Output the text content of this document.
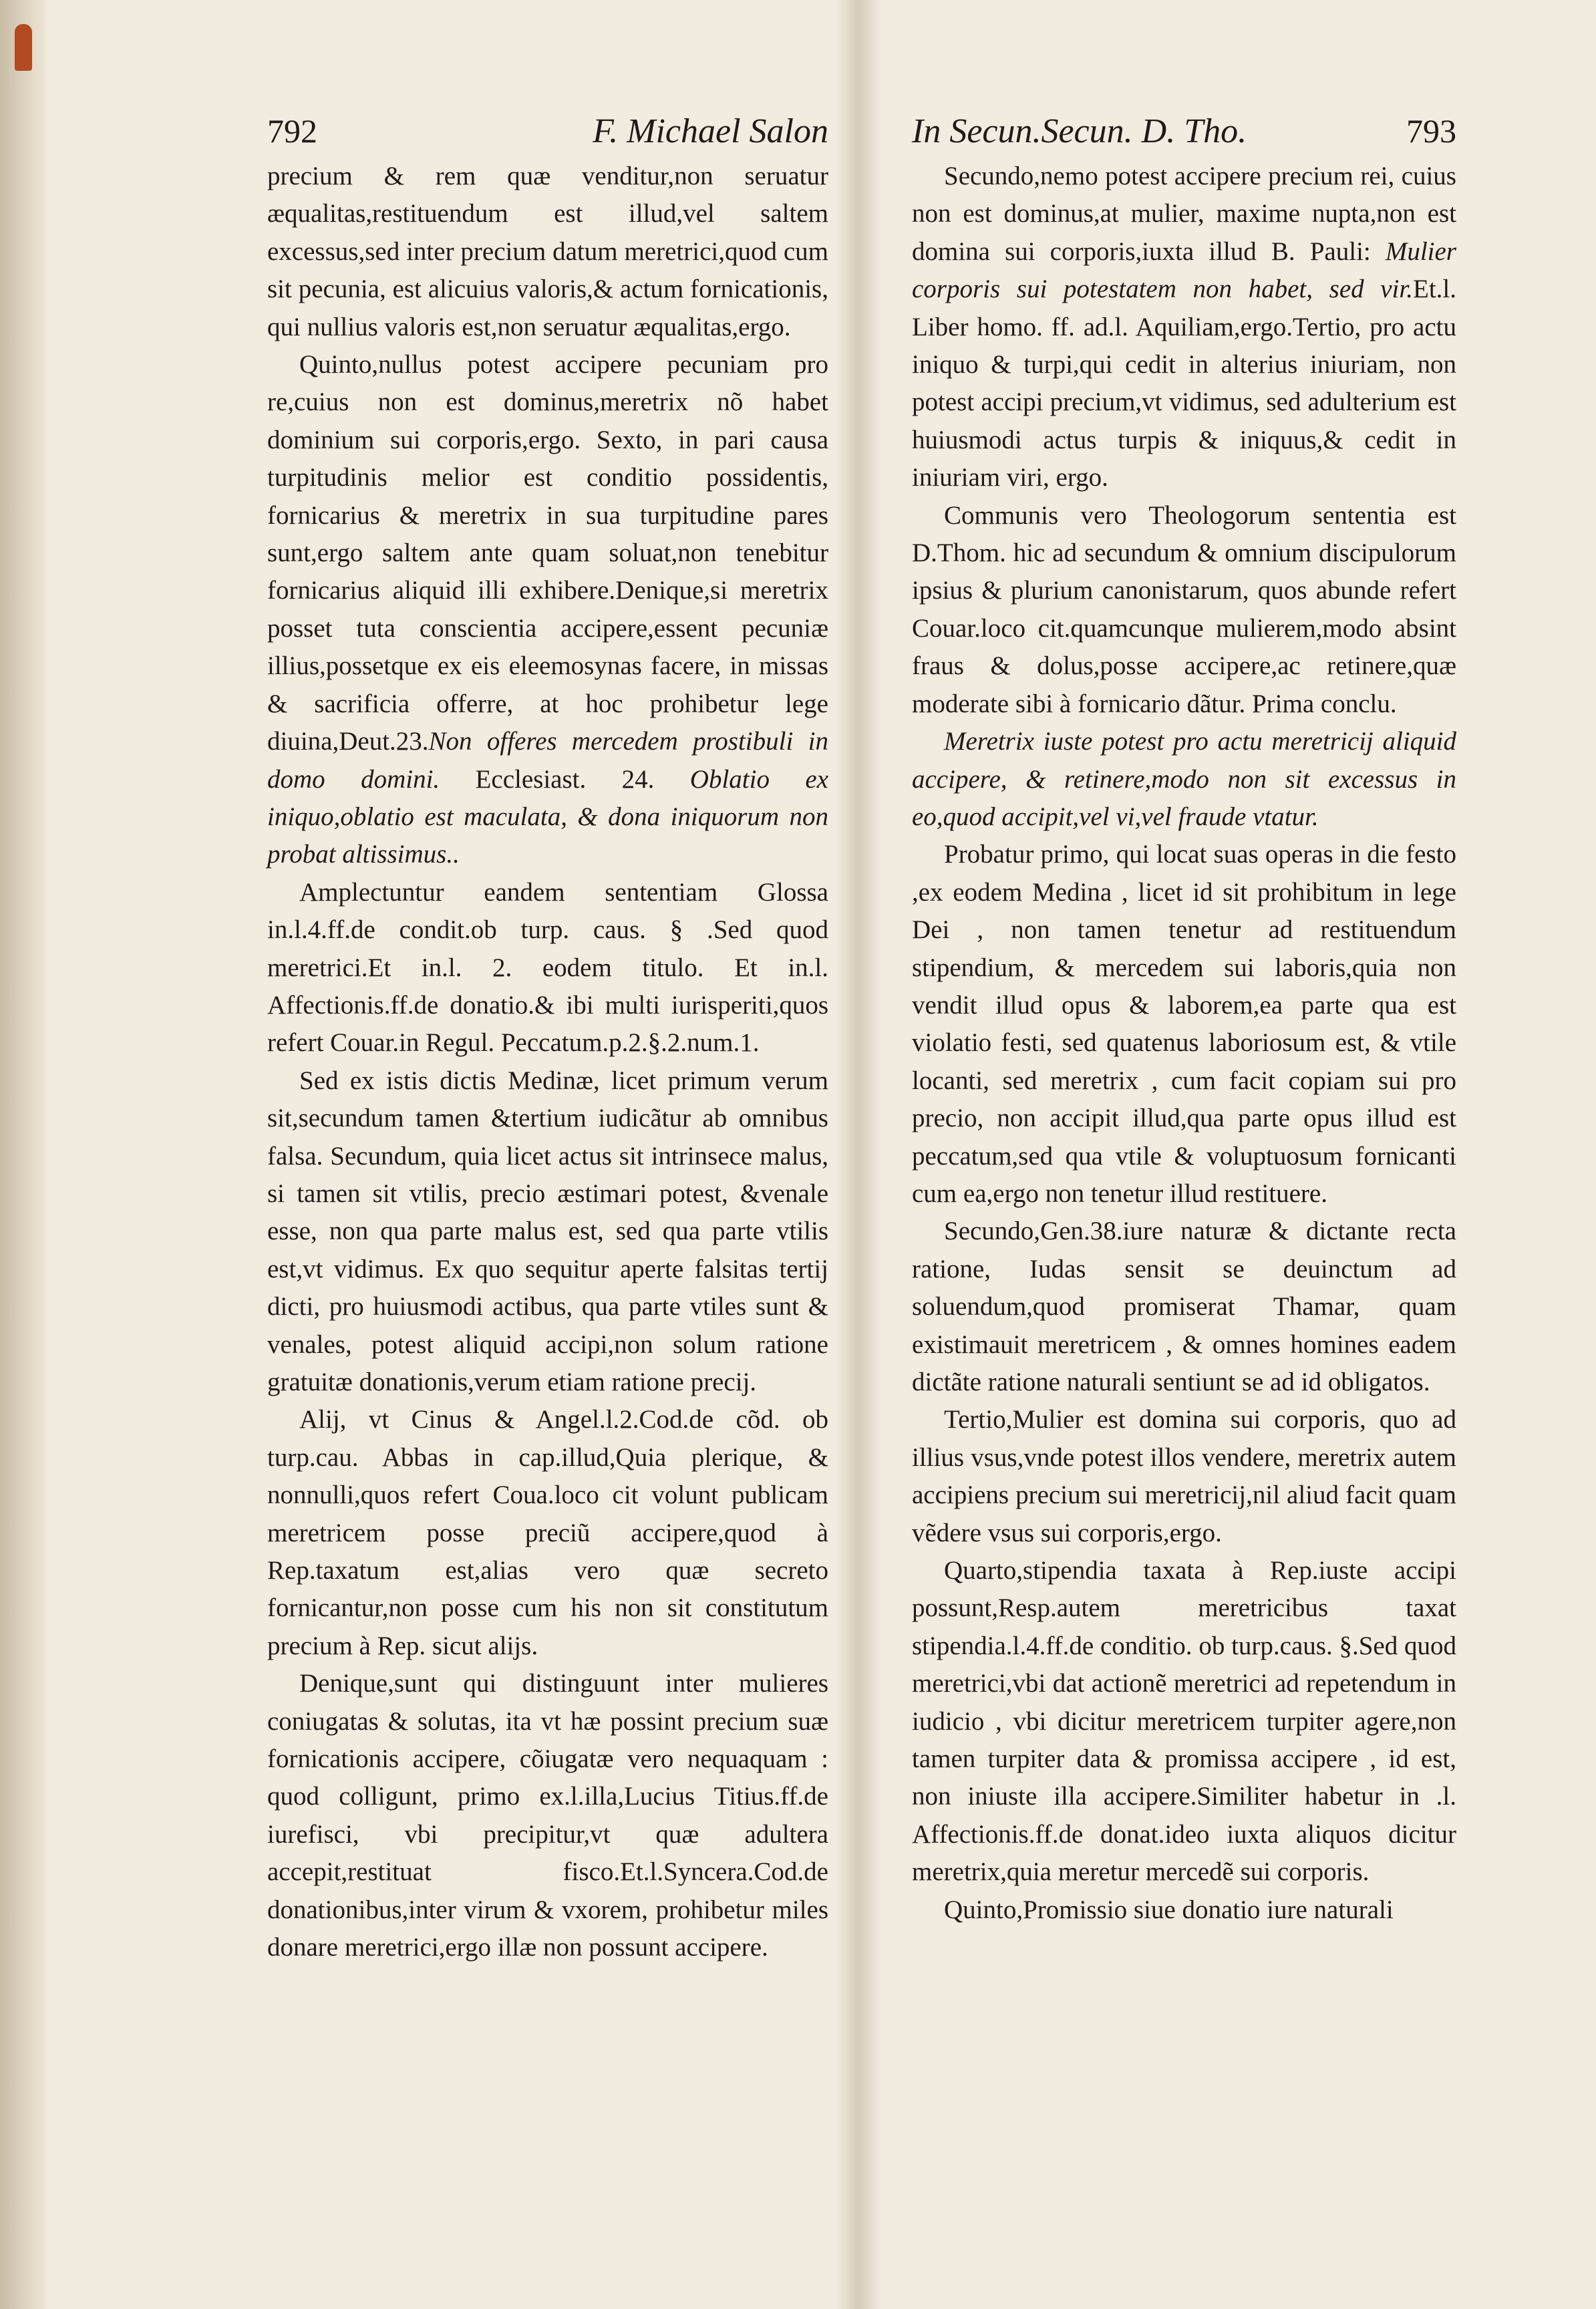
792	F. Michael Salon

precium & rem quæ venditur,non seruatur æqualitas,restituendum est illud,vel saltem excessus,sed inter precium datum meretrici,quod cum sit pecunia, est alicuius valoris,& actum fornicationis, qui nullius valoris est,non seruatur æqualitas,ergo.

Quinto,nullus potest accipere pecuniam pro re,cuius non est dominus,meretrix nõ habet dominium sui corporis,ergo. Sexto, in pari causa turpitudinis melior est conditio possidentis, fornicarius & meretrix in sua turpitudine pares sunt,ergo saltem ante quam soluat,non tenebitur fornicarius aliquid illi exhibere.Denique,si meretrix posset tuta conscientia accipere,essent pecuniæ illius,possetque ex eis eleemosynas facere, in missas & sacrificia offerre, at hoc prohibetur lege diuina,Deut.23.Non offeres mercedem prostibuli in domo domini. Ecclesiast. 24. Oblatio ex iniquo,oblatio est maculata, & dona iniquorum non probat altissimus..

Amplectuntur eandem sententiam Glossa in.l.4.ff.de condit.ob turp. caus. § .Sed quod meretrici.Et in.l. 2. eodem titulo. Et in.l. Affectionis.ff.de donatio.& ibi multi iurisperiti,quos refert Couar.in Regul. Peccatum.p.2.§.2.num.1.

Sed ex istis dictis Medinæ, licet primum verum sit,secundum tamen &tertium iudicãtur ab omnibus falsa. Secundum, quia licet actus sit intrinsece malus, si tamen sit vtilis, precio æstimari potest, &venale esse, non qua parte malus est, sed qua parte vtilis est,vt vidimus. Ex quo sequitur aperte falsitas tertij dicti, pro huiusmodi actibus, qua parte vtiles sunt & venales, potest aliquid accipi,non solum ratione gratuitæ donationis,verum etiam ratione precij.

Alij, vt Cinus & Angel.l.2.Cod.de cõd. ob turp.cau. Abbas in cap.illud,Quia plerique, & nonnulli,quos refert Coua.loco cit volunt publicam meretricem posse preciũ accipere,quod à Rep.taxatum est,alias vero quæ secreto fornicantur,non posse cum his non sit constitutum precium à Rep. sicut alijs.

Denique,sunt qui distinguunt inter mulieres coniugatas & solutas, ita vt hæ possint precium suæ fornicationis accipere, cõiugatæ vero nequaquam : quod colligunt, primo ex.l.illa,Lucius Titius.ff.de iurefisci, vbi precipitur,vt quæ adultera accepit,restituat fisco.Et.l.Syncera.Cod.de donationibus,inter virum & vxorem, prohibetur miles donare meretrici,ergo illæ non possunt accipere.

In Secun.Secun. D. Tho.	793

Secundo,nemo potest accipere precium rei, cuius non est dominus,at mulier, maxime nupta,non est domina sui corporis,iuxta illud B. Pauli: Mulier corporis sui potestatem non habet, sed vir.Et.l. Liber homo. ff. ad.l. Aquiliam,ergo.Tertio, pro actu iniquo & turpi,qui cedit in alterius iniuriam, non potest accipi precium,vt vidimus, sed adulterium est huiusmodi actus turpis & iniquus,& cedit in iniuriam viri, ergo.

Communis vero Theologorum sententia est D.Thom. hic ad secundum & omnium discipulorum ipsius & plurium canonistarum, quos abunde refert Couar.loco cit.quamcunque mulierem,modo absint fraus & dolus,posse accipere,ac retinere,quæ moderate sibi à fornicario dãtur. Prima conclu.

Meretrix iuste potest pro actu meretricij aliquid accipere, & retinere,modo non sit excessus in eo,quod accipit,vel vi,vel fraude vtatur.

Probatur primo, qui locat suas operas in die festo ,ex eodem Medina , licet id sit prohibitum in lege Dei , non tamen tenetur ad restituendum stipendium, & mercedem sui laboris,quia non vendit illud opus & laborem,ea parte qua est violatio festi, sed quatenus laboriosum est, & vtile locanti, sed meretrix , cum facit copiam sui pro precio, non accipit illud,qua parte opus illud est peccatum,sed qua vtile & voluptuosum fornicanti cum ea,ergo non tenetur illud restituere.

Secundo,Gen.38.iure naturæ & dictante recta ratione, Iudas sensit se deuinctum ad soluendum,quod promiserat Thamar, quam existimauit meretricem , & omnes homines eadem dictãte ratione naturali sentiunt se ad id obligatos.

Tertio,Mulier est domina sui corporis, quo ad illius vsus,vnde potest illos vendere, meretrix autem accipiens precium sui meretricij,nil aliud facit quam vẽdere vsus sui corporis,ergo.

Quarto,stipendia taxata à Rep.iuste accipi possunt,Resp.autem meretricibus taxat stipendia.l.4.ff.de conditio. ob turp.caus. §.Sed quod meretrici,vbi dat actionẽ meretrici ad repetendum in iudicio , vbi dicitur meretricem turpiter agere,non tamen turpiter data & promissa accipere , id est, non iniuste illa accipere.Similiter habetur in .l. Affectionis.ff.de donat.ideo iuxta aliquos dicitur meretrix,quia meretur mercedẽ sui corporis.

Quinto,Promissio siue donatio iure naturali
